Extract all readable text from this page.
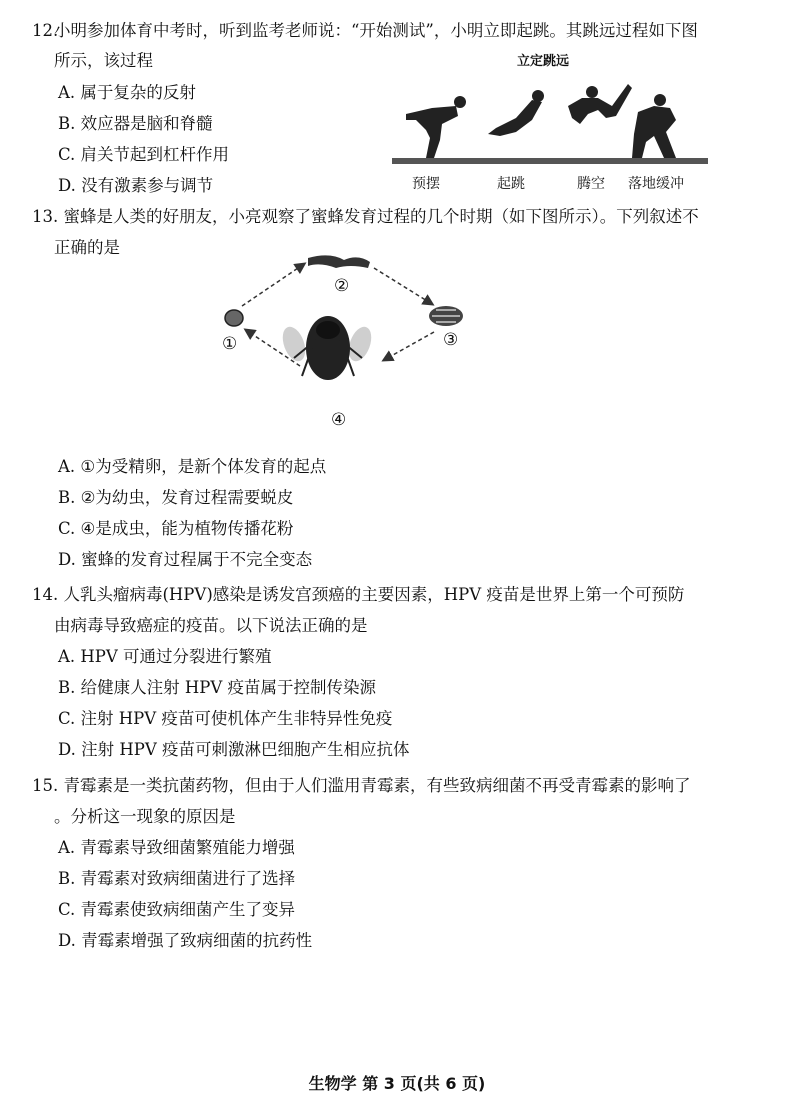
12.
小明参加体育中考时，听到监考老师说：“开始测试”，小明立即起跳。其跳远过程如下图
所示，该过程
A. 属于复杂的反射
B. 效应器是脑和脊髓
C. 肩关节起到杠杆作用
D. 没有激素参与调节
立定跳远
预摆	起跳	腾空 落地缓冲
13. 蜜蜂是人类的好朋友，小亮观察了蜜蜂发育过程的几个时期（如下图所示）。下列叙述不
正确的是
①
②
③
④
A. ①为受精卵，是新个体发育的起点
B. ②为幼虫，发育过程需要蜕皮
C. ④是成虫，能为植物传播花粉
D. 蜜蜂的发育过程属于不完全变态
14. 人乳头瘤病毒(HPV)感染是诱发宫颈癌的主要因素，HPV 疫苗是世界上第一个可预防
由病毒导致癌症的疫苗。以下说法正确的是
A. HPV 可通过分裂进行繁殖
B. 给健康人注射 HPV 疫苗属于控制传染源
C. 注射 HPV 疫苗可使机体产生非特异性免疫
D. 注射 HPV 疫苗可刺激淋巴细胞产生相应抗体
15. 青霉素是一类抗菌药物，但由于人们滥用青霉素，有些致病细菌不再受青霉素的影响了
。分析这一现象的原因是
A. 青霉素导致细菌繁殖能力增强
B. 青霉素对致病细菌进行了选择
C. 青霉素使致病细菌产生了变异
D. 青霉素增强了致病细菌的抗药性
生物学 第 3 页(共 6 页)
